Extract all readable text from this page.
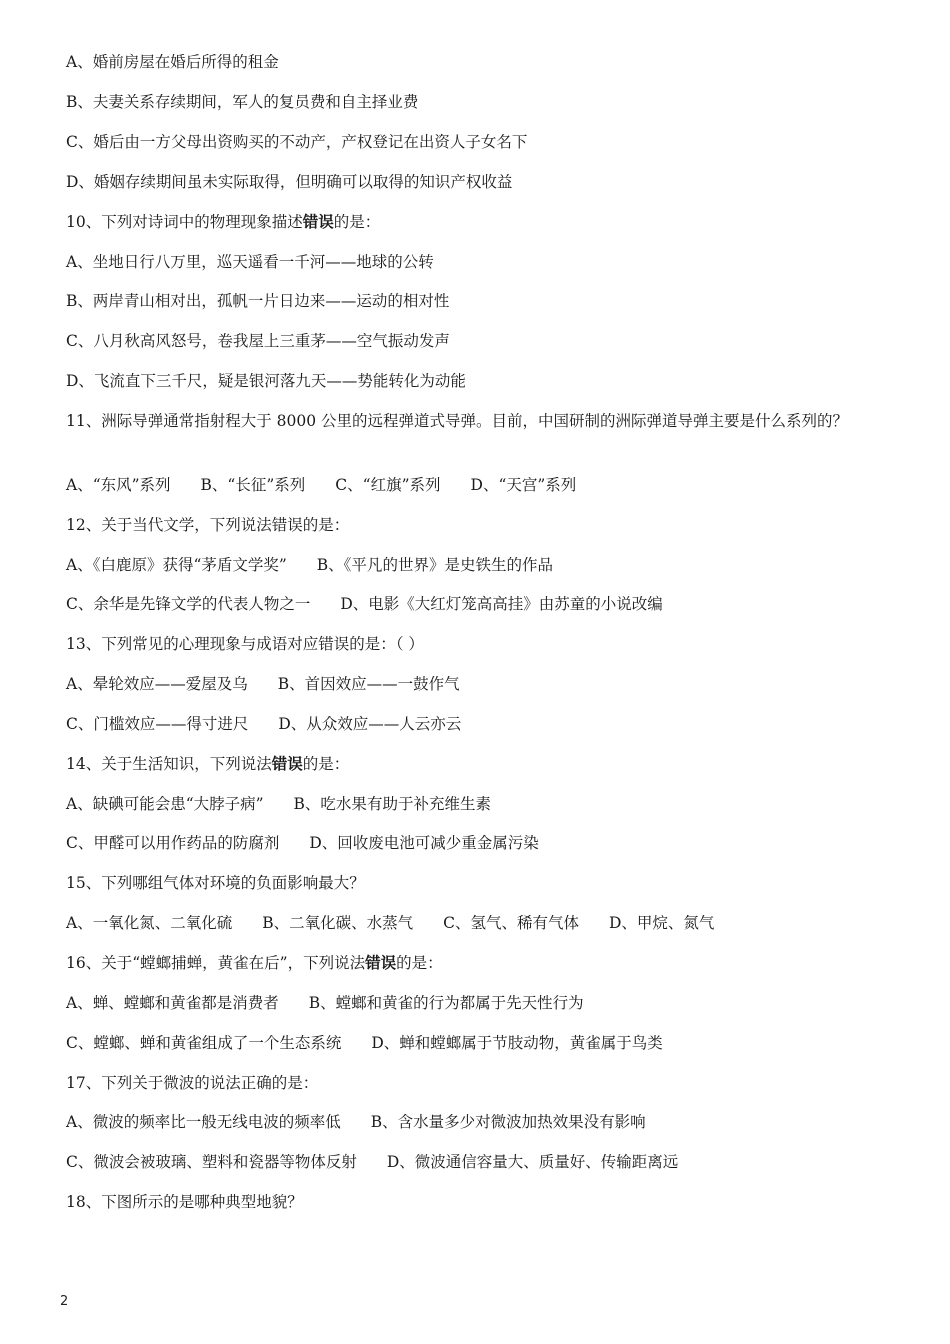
A、婚前房屋在婚后所得的租金
B、夫妻关系存续期间，军人的复员费和自主择业费
C、婚后由一方父母出资购买的不动产，产权登记在出资人子女名下
D、婚姻存续期间虽未实际取得，但明确可以取得的知识产权收益
10、下列对诗词中的物理现象描述错误的是：
A、坐地日行八万里，巡天遥看一千河——地球的公转
B、两岸青山相对出，孤帆一片日边来——运动的相对性
C、八月秋高风怒号，卷我屋上三重茅——空气振动发声
D、飞流直下三千尺，疑是银河落九天——势能转化为动能
11、洲际导弹通常指射程大于 8000 公里的远程弹道式导弹。目前，中国研制的洲际弹道导弹主要是什么系列的？
A、“东风”系列 B、“长征”系列 C、“红旗”系列 D、“天宫”系列
12、关于当代文学，下列说法错误的是：
A、《白鹿原》获得“茅盾文学奖” B、《平凡的世界》是史铁生的作品
C、余华是先锋文学的代表人物之一 D、电影《大红灯笼高高挂》由苏童的小说改编
13、下列常见的心理现象与成语对应错误的是：（ ）
A、晕轮效应——爱屋及乌 B、首因效应——一鼓作气
C、门槛效应——得寸进尺 D、从众效应——人云亦云
14、关于生活知识，下列说法错误的是：
A、缺碘可能会患“大脖子病” B、吃水果有助于补充维生素
C、甲醛可以用作药品的防腐剂 D、回收废电池可减少重金属污染
15、下列哪组气体对环境的负面影响最大？
A、一氧化氮、二氧化硫 B、二氧化碳、水蒸气 C、氢气、稀有气体 D、甲烷、氮气
16、关于“螳螂捕蝉，黄雀在后”，下列说法错误的是：
A、蝉、螳螂和黄雀都是消费者 B、螳螂和黄雀的行为都属于先天性行为
C、螳螂、蝉和黄雀组成了一个生态系统 D、蝉和螳螂属于节肢动物，黄雀属于鸟类
17、下列关于微波的说法正确的是：
A、微波的频率比一般无线电波的频率低 B、含水量多少对微波加热效果没有影响
C、微波会被玻璃、塑料和瓷器等物体反射 D、微波通信容量大、质量好、传输距离远
18、下图所示的是哪种典型地貌？
2
